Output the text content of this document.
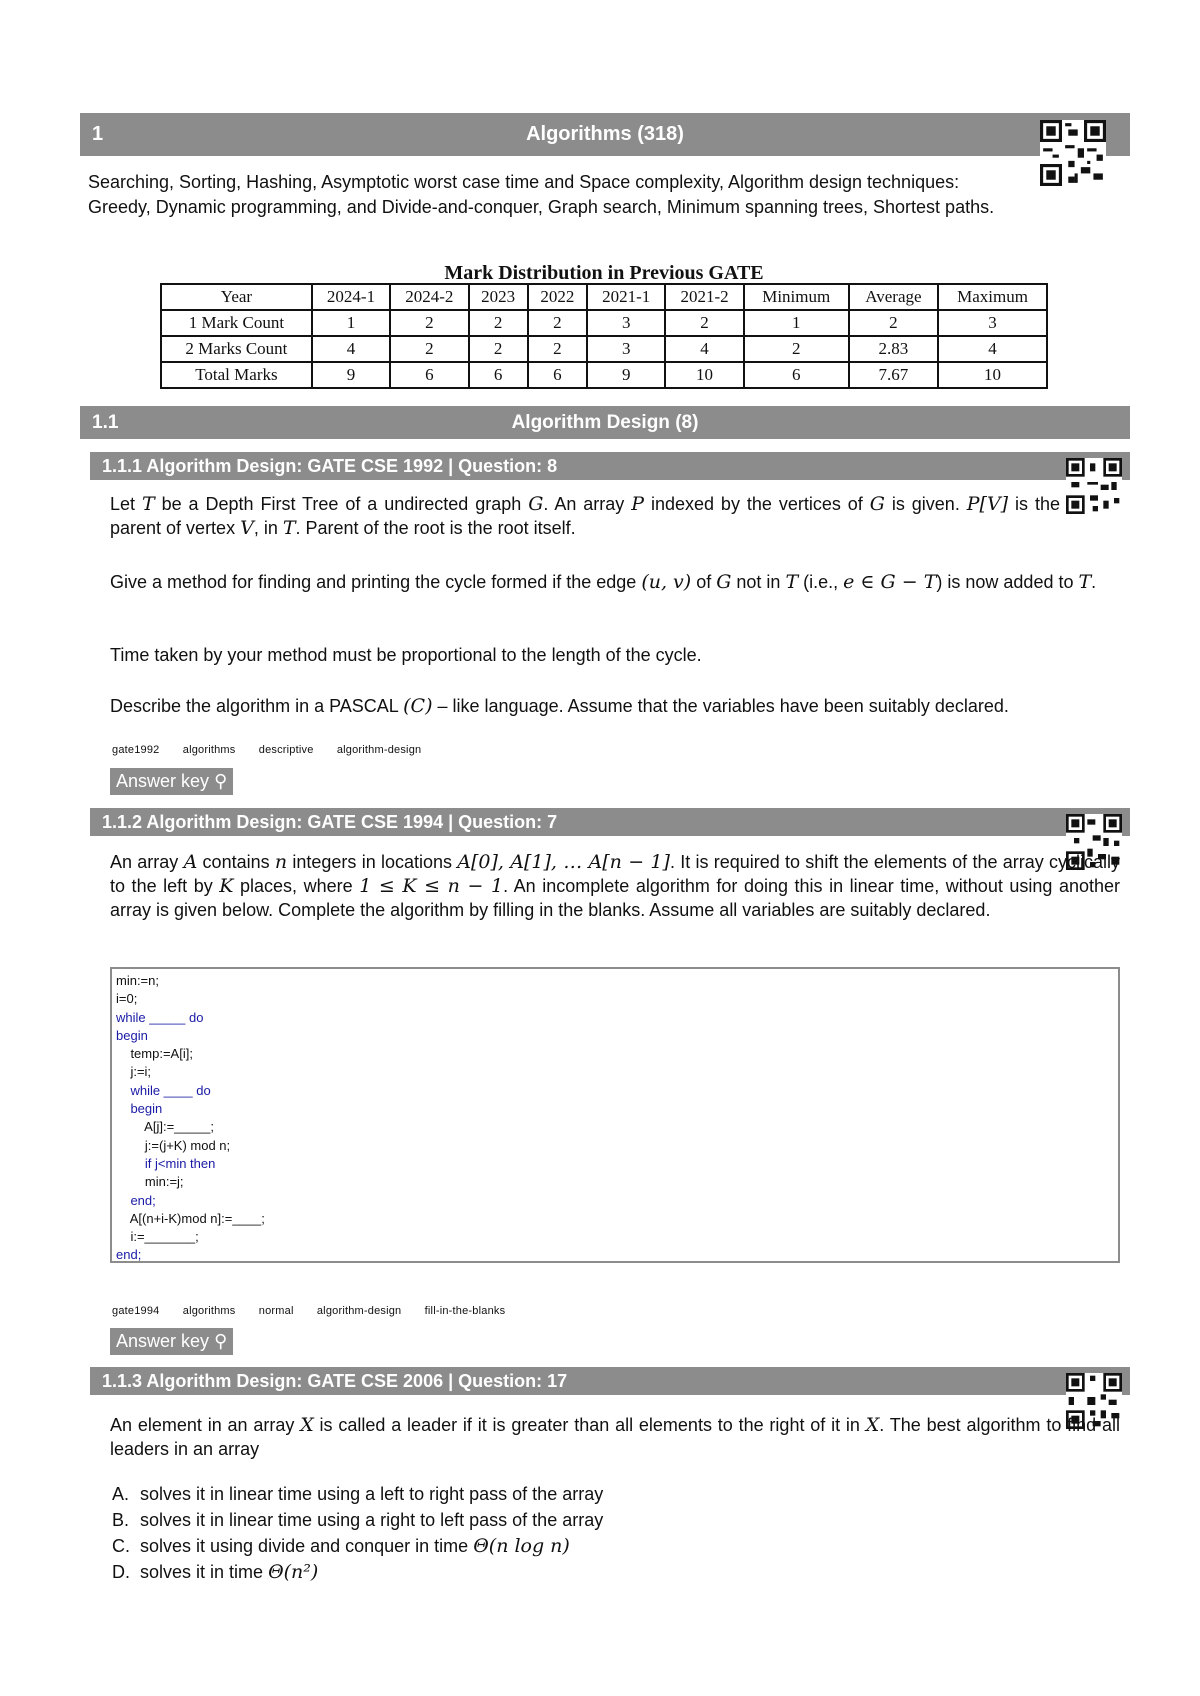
1	Algorithms (318)
Searching, Sorting, Hashing, Asymptotic worst case time and Space complexity, Algorithm design techniques: Greedy, Dynamic programming, and Divide-and-conquer, Graph search, Minimum spanning trees, Shortest paths.
Mark Distribution in Previous GATE
Year	2024-1	2024-2	2023	2022	2021-1	2021-2	Minimum	Average	Maximum
1 Mark Count	1	2	2	2	3	2	1	2	3
2 Marks Count	4	2	2	2	3	4	2	2.83	4
Total Marks	9	6	6	6	9	10	6	7.67	10
1.1	Algorithm Design (8)
1.1.1 Algorithm Design: GATE CSE 1992 | Question: 8
Let T be a Depth First Tree of a undirected graph G. An array P indexed by the vertices of G is given. P[V] is the parent of vertex V, in T. Parent of the root is the root itself.
Give a method for finding and printing the cycle formed if the edge (u, v) of G not in T (i.e., e ∈ G − T) is now added to T.
Time taken by your method must be proportional to the length of the cycle.
Describe the algorithm in a PASCAL (C) – like language. Assume that the variables have been suitably declared.
gate1992 algorithms descriptive algorithm-design
Answer key ⚲
1.1.2 Algorithm Design: GATE CSE 1994 | Question: 7
An array A contains n integers in locations A[0], A[1], … A[n − 1]. It is required to shift the elements of the array cyclically to the left by K places, where 1 ≤ K ≤ n − 1. An incomplete algorithm for doing this in linear time, without using another array is given below. Complete the algorithm by filling in the blanks. Assume all variables are suitably declared.
min:=n;
i=0;
while _____ do
begin
temp:=A[i];
j:=i;
while ____ do
begin
A[j]:=_____;
j:=(j+K) mod n;
if j<min then
min:=j;
end;
A[(n+i-K)mod n]:=____;
i:=_______;
end;
gate1994 algorithms normal algorithm-design fill-in-the-blanks
Answer key ⚲
1.1.3 Algorithm Design: GATE CSE 2006 | Question: 17
An element in an array X is called a leader if it is greater than all elements to the right of it in X. The best algorithm to find all leaders in an array
A. solves it in linear time using a left to right pass of the array
B. solves it in linear time using a right to left pass of the array
C. solves it using divide and conquer in time Θ(n log n)
D. solves it in time Θ(n²)
